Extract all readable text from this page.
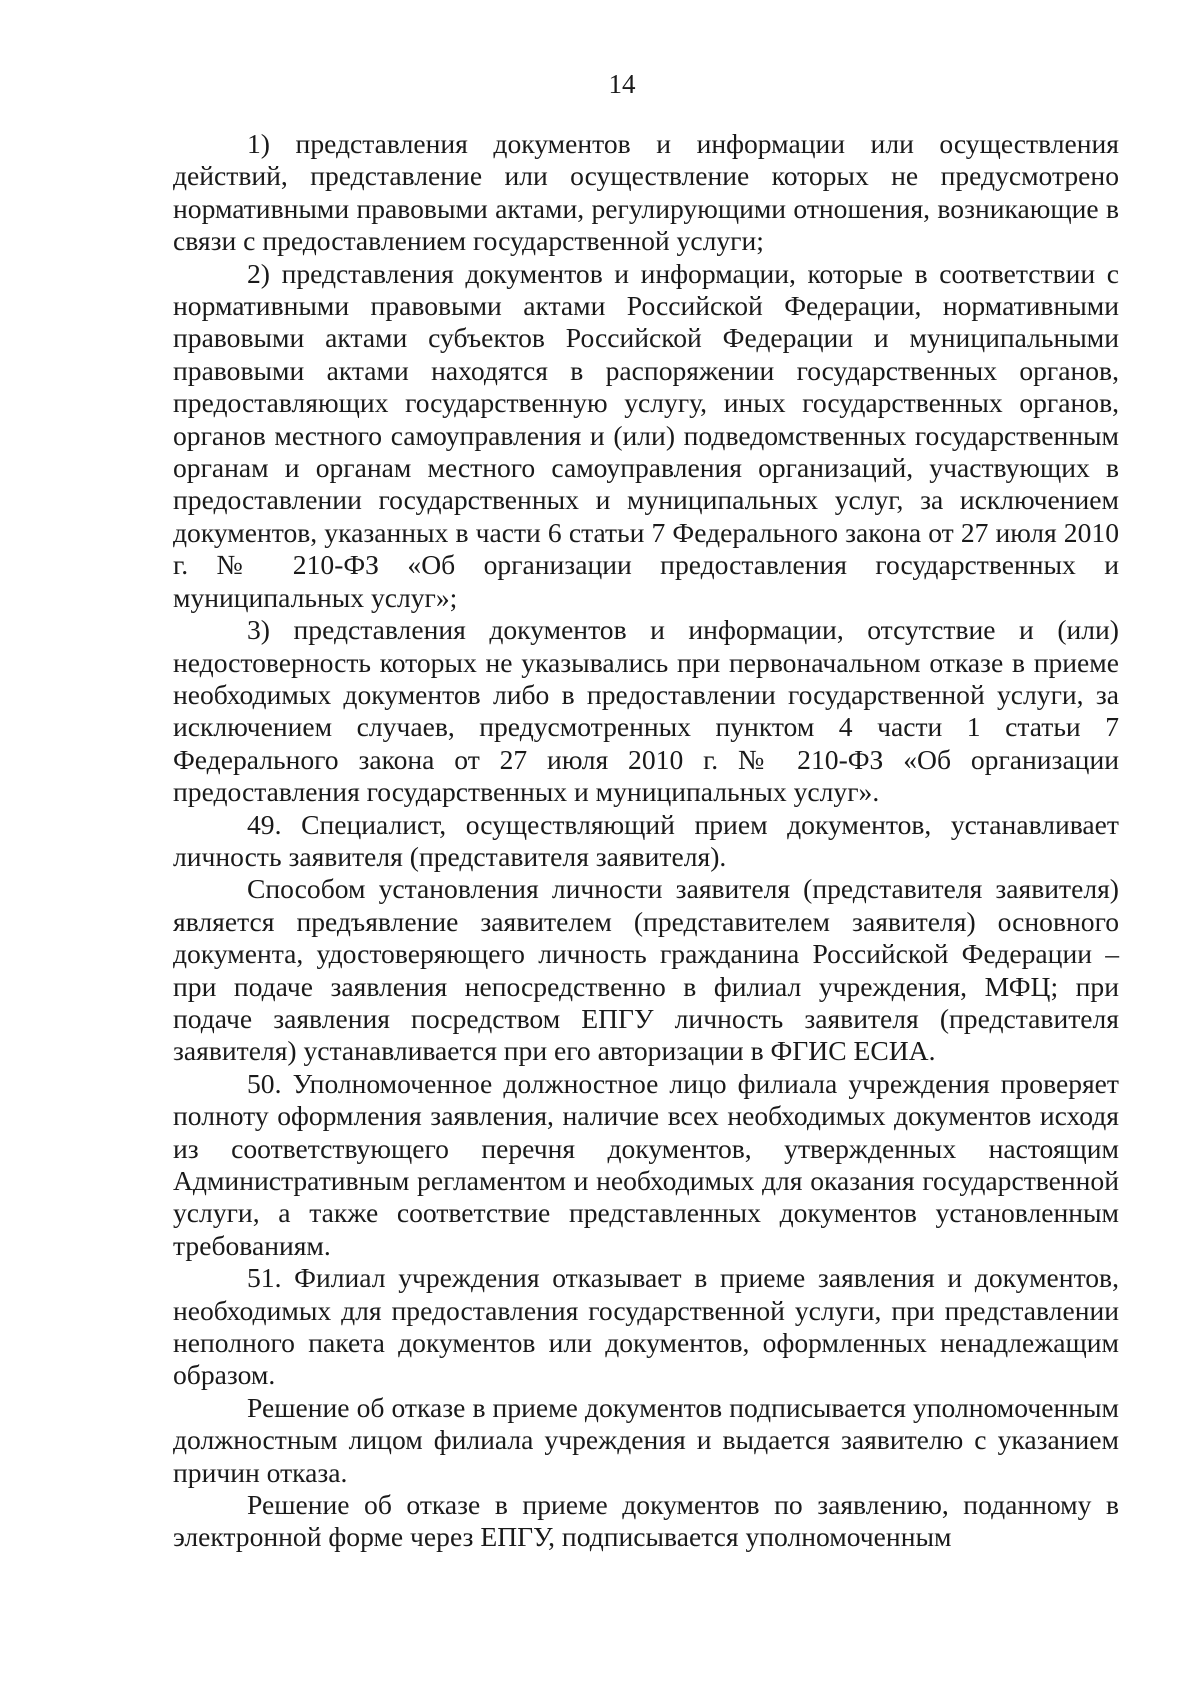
14

1) представления документов и информации или осуществления действий, представление или осуществление которых не предусмотрено нормативными правовыми актами, регулирующими отношения, возникающие в связи с предоставлением государственной услуги;

2) представления документов и информации, которые в соответствии с нормативными правовыми актами Российской Федерации, нормативными правовыми актами субъектов Российской Федерации и муниципальными правовыми актами находятся в распоряжении государственных органов, предоставляющих государственную услугу, иных государственных органов, органов местного самоуправления и (или) подведомственных государственным органам и органам местного самоуправления организаций, участвующих в предоставлении государственных и муниципальных услуг, за исключением документов, указанных в части 6 статьи 7 Федерального закона от 27 июля 2010 г. № 210-ФЗ «Об организации предоставления государственных и муниципальных услуг»;

3) представления документов и информации, отсутствие и (или) недостоверность которых не указывались при первоначальном отказе в приеме необходимых документов либо в предоставлении государственной услуги, за исключением случаев, предусмотренных пунктом 4 части 1 статьи 7 Федерального закона от 27 июля 2010 г. № 210-ФЗ «Об организации предоставления государственных и муниципальных услуг».

49. Специалист, осуществляющий прием документов, устанавливает личность заявителя (представителя заявителя).

Способом установления личности заявителя (представителя заявителя) является предъявление заявителем (представителем заявителя) основного документа, удостоверяющего личность гражданина Российской Федерации – при подаче заявления непосредственно в филиал учреждения, МФЦ; при подаче заявления посредством ЕПГУ личность заявителя (представителя заявителя) устанавливается при его авторизации в ФГИС ЕСИА.

50. Уполномоченное должностное лицо филиала учреждения проверяет полноту оформления заявления, наличие всех необходимых документов исходя из соответствующего перечня документов, утвержденных настоящим Административным регламентом и необходимых для оказания государственной услуги, а также соответствие представленных документов установленным требованиям.

51. Филиал учреждения отказывает в приеме заявления и документов, необходимых для предоставления государственной услуги, при представлении неполного пакета документов или документов, оформленных ненадлежащим образом.

Решение об отказе в приеме документов подписывается уполномоченным должностным лицом филиала учреждения и выдается заявителю с указанием причин отказа.

Решение об отказе в приеме документов по заявлению, поданному в электронной форме через ЕПГУ, подписывается уполномоченным
